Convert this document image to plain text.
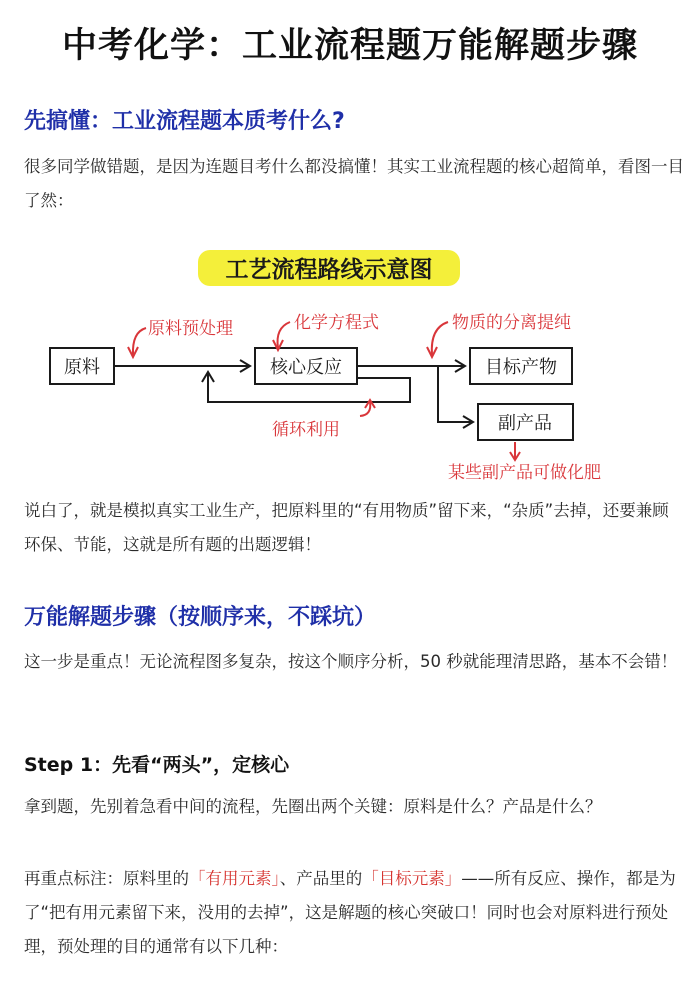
中考化学：工业流程题万能解题步骤
先搞懂：工业流程题本质考什么?
很多同学做错题，是因为连题目考什么都没搞懂！其实工业流程题的核心超简单，看图一目了然：
工艺流程路线示意图
原料	核心反应	目标产物
副产品
原料预处理	化学方程式	物质的分离提纯
循环利用
某些副产品可做化肥
说白了，就是模拟真实工业生产，把原料里的“有用物质”留下来，“杂质”去掉，还要兼顾环保、节能，这就是所有题的出题逻辑！
万能解题步骤（按顺序来，不踩坑）
这一步是重点！无论流程图多复杂，按这个顺序分析，50 秒就能理清思路，基本不会错！
Step 1：先看“两头”，定核心
拿到题，先别着急看中间的流程，先圈出两个关键：原料是什么？产品是什么？
再重点标注：原料里的「有用元素」、产品里的「目标元素」——所有反应、操作，都是为了“把有用元素留下来，没用的去掉”，这是解题的核心突破口！同时也会对原料进行预处理，预处理的目的通常有以下几种：
